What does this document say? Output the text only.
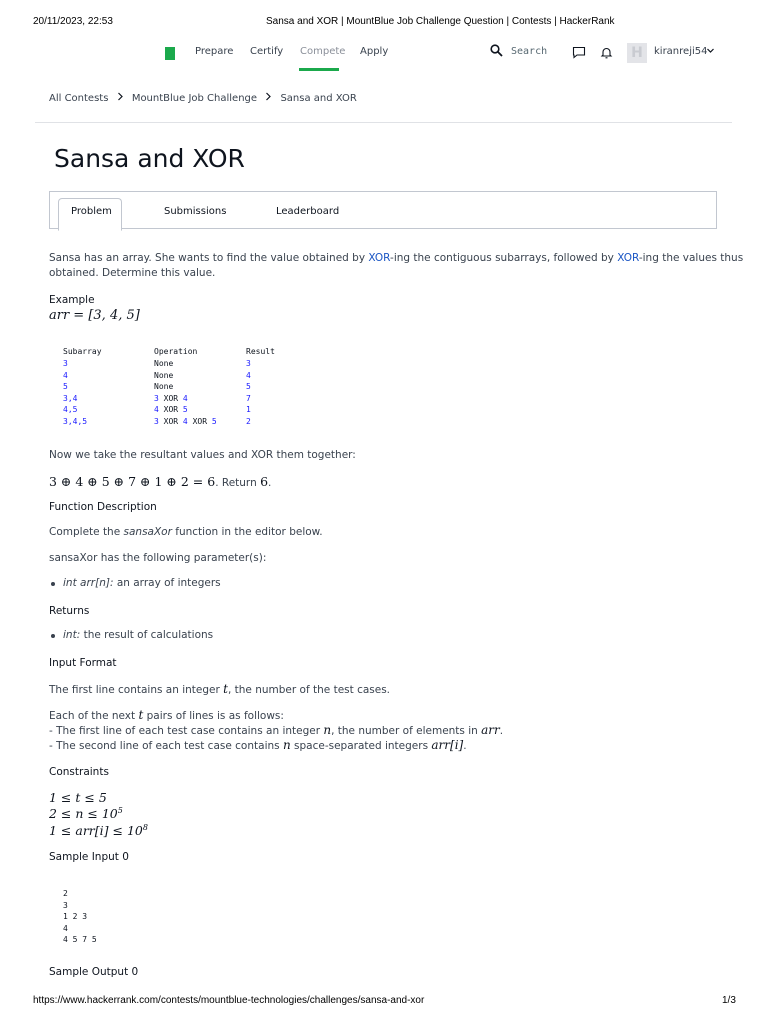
20/11/2023, 22:53	Sansa and XOR | MountBlue Job Challenge Question | Contests | HackerRank
Prepare Certify Compete Apply	Search	H	kiranreji54
All Contests MountBlue Job Challenge Sansa and XOR
Sansa and XOR
Problem	Submissions	Leaderboard
Sansa has an array. She wants to find the value obtained by XOR-ing the contiguous subarrays, followed by XOR-ing the values thus
obtained. Determine this value.
Example
arr = [3, 4, 5]
Subarray	Operation	Result
3	None	3
4	None	4
5	None	5
3,4	3 XOR 4	7
4,5	4 XOR 5	1
3,4,5	3 XOR 4 XOR 5	2
Now we take the resultant values and XOR them together:
3 ⊕ 4 ⊕ 5 ⊕ 7 ⊕ 1 ⊕ 2 = 6. Return 6.
Function Description
Complete the sansaXor function in the editor below.
sansaXor has the following parameter(s):
int arr[n]: an array of integers
Returns
int: the result of calculations
Input Format
The first line contains an integer t, the number of the test cases.
Each of the next t pairs of lines is as follows:
- The first line of each test case contains an integer n, the number of elements in arr.
- The second line of each test case contains n space-separated integers arr[i].
Constraints
1 ≤ t ≤ 5
$2 \le n \le 10^5$
$1 \le arr[i] \le 10^8$
Sample Input 0
2
3
1 2 3
4
4 5 7 5
Sample Output 0
https://www.hackerrank.com/contests/mountblue-technologies/challenges/sansa-and-xor	1/3
